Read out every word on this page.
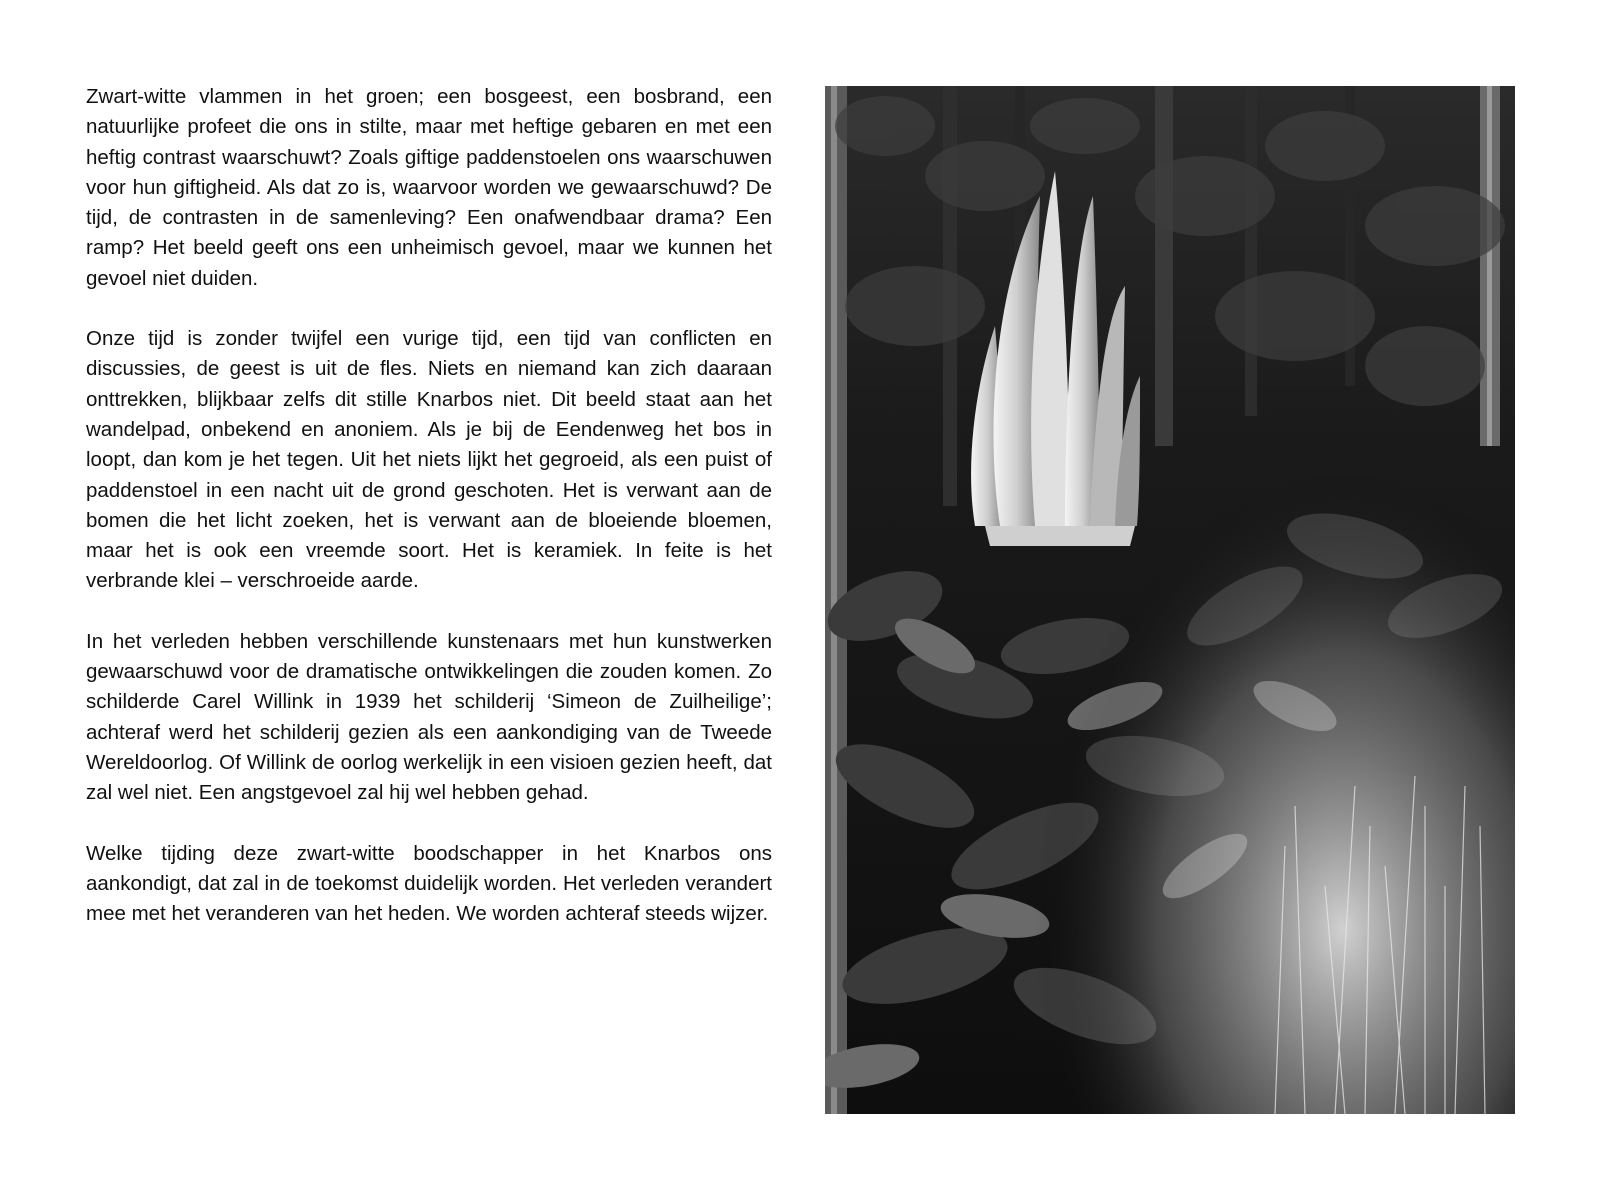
Zwart-witte vlammen in het groen; een bosgeest, een bosbrand, een natuurlijke profeet die ons in stilte, maar met heftige gebaren en met een heftig contrast waarschuwt? Zoals giftige paddenstoelen ons waarschuwen voor hun giftigheid. Als dat zo is, waarvoor worden we gewaarschuwd? De tijd, de contrasten in de samenleving? Een onafwendbaar drama? Een ramp? Het beeld geeft ons een unheimisch gevoel, maar we kunnen het gevoel niet duiden.

Onze tijd is zonder twijfel een vurige tijd, een tijd van conflicten en discussies, de geest is uit de fles. Niets en niemand kan zich daaraan onttrekken, blijkbaar zelfs dit stille Knarbos niet. Dit beeld staat aan het wandelpad, onbekend en anoniem. Als je bij de Eendenweg het bos in loopt, dan kom je het tegen. Uit het niets lijkt het gegroeid, als een puist of paddenstoel in een nacht uit de grond geschoten. Het is verwant aan de bomen die het licht zoeken, het is verwant aan de bloeiende bloemen, maar het is ook een vreemde soort. Het is keramiek. In feite is het verbrande klei – verschroeide aarde.

In het verleden hebben verschillende kunstenaars met hun kunstwerken gewaarschuwd voor de dramatische ontwikkelingen die zouden komen. Zo schilderde Carel Willink in 1939 het schilderij ‘Simeon de Zuilheilige’; achteraf werd het schilderij gezien als een aankondiging van de Tweede Wereldoorlog. Of Willink de oorlog werkelijk in een visioen gezien heeft, dat zal wel niet. Een angstgevoel zal hij wel hebben gehad.

Welke tijding deze zwart-witte boodschapper in het Knarbos ons aankondigt, dat zal in de toekomst duidelijk worden. Het verleden verandert mee met het veranderen van het heden. We worden achteraf steeds wijzer.
